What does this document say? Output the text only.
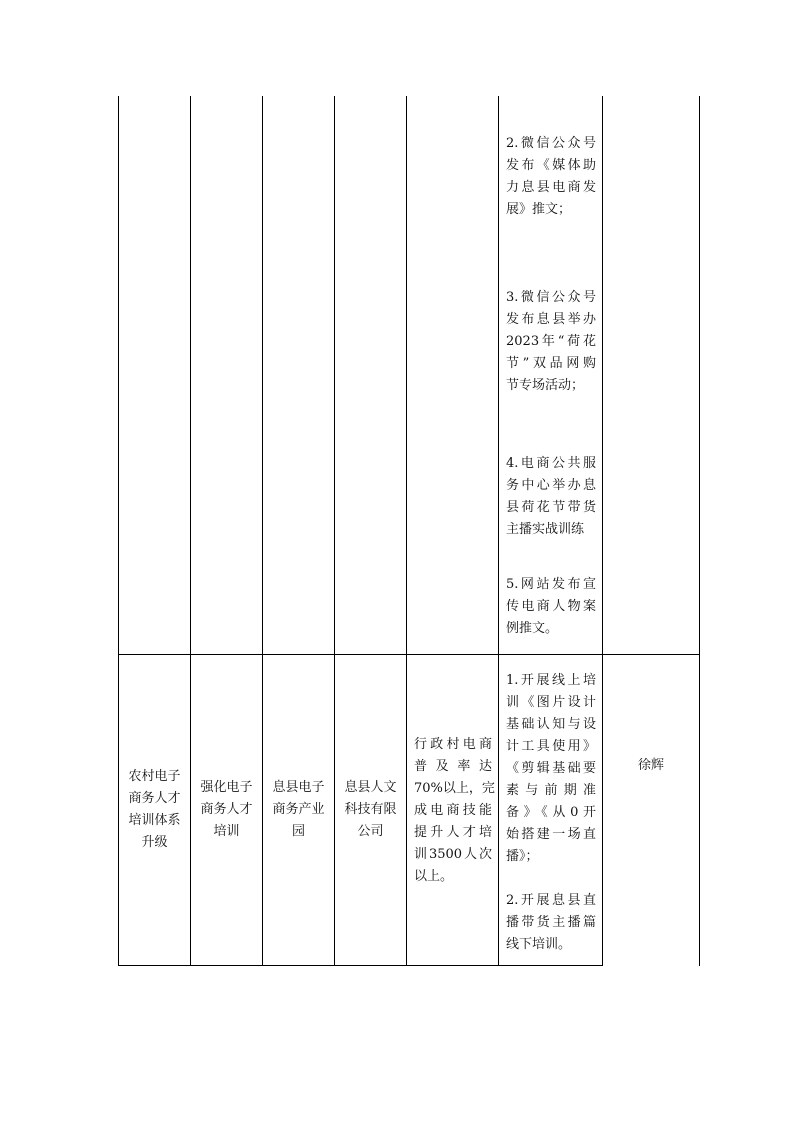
2.微信公众号
发布《媒体助
力息县电商发
展》推文；
3.微信公众号
发布息县举办
2023年“荷花
节”双品网购
节专场活动；
4.电商公共服
务中心举办息
县荷花节带货
主播实战训练
5.网站发布宣
传电商人物案
例推文。
农村电子
商务人才
培训体系
升级
强化电子
商务人才
培训
息县电子
商务产业
园
息县人文
科技有限
公司
行政村电商
普及率达
70%以上，完
成电商技能
提升人才培
训3500人次
以上。
1.开展线上培
训《图片设计
基础认知与设
计工具使用》
《剪辑基础要
素与前期准
备》《从0开
始搭建一场直
播》；
2.开展息县直
播带货主播篇
线下培训。
徐辉
